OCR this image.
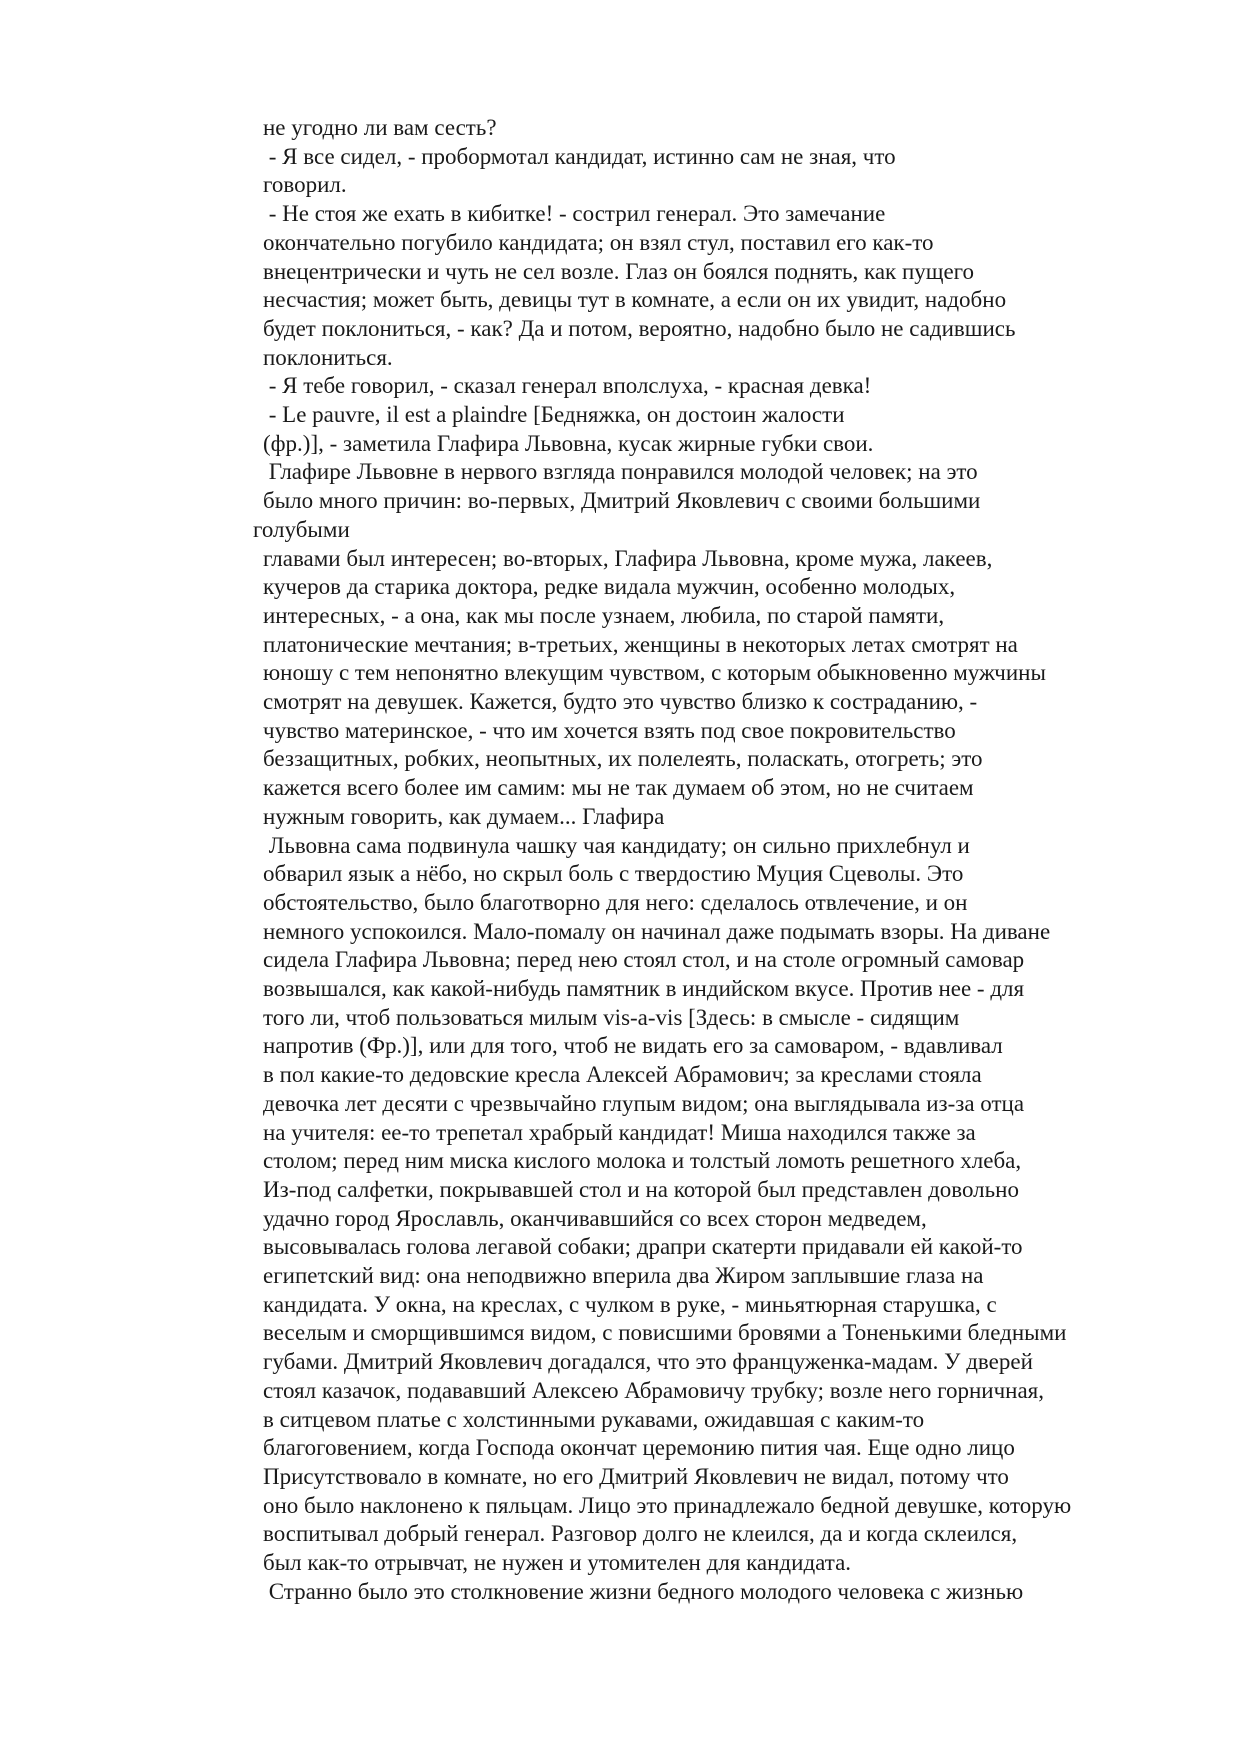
не угодно ли вам сесть?
- Я все сидел, - пробормотал кандидат, истинно сам не зная, что
говорил.
- Не стоя же ехать в кибитке! - сострил генерал. Это замечание
окончательно погубило кандидата; он взял стул, поставил его как-то
внецентрически и чуть не сел возле. Глаз он боялся поднять, как пущего
несчастия; может быть, девицы тут в комнате, а если он их увидит, надобно
будет поклониться, - как? Да и потом, вероятно, надобно было не садившись
поклониться.
- Я тебе говорил, - сказал генерал вполслуха, - красная девка!
- Le pauvre, il est a plaindre [Бедняжка, он достоин жалости
(фр.)], - заметила Глафира Львовна, кусак жирные губки свои.
Глафире Львовне в нервого взгляда понравился молодой человек; на это
было много причин: во-первых, Дмитрий Яковлевич с своими большими
голубыми
главами был интересен; во-вторых, Глафира Львовна, кроме мужа, лакеев,
кучеров да старика доктора, редке видала мужчин, особенно молодых,
интересных, - а она, как мы после узнаем, любила, по старой памяти,
платонические мечтания; в-третьих, женщины в некоторых летах смотрят на
юношу с тем непонятно влекущим чувством, с которым обыкновенно мужчины
смотрят на девушек. Кажется, будто это чувство близко к состраданию, -
чувство материнское, - что им хочется взять под свое покровительство
беззащитных, робких, неопытных, их полелеять, поласкать, отогреть; это
кажется всего более им самим: мы не так думаем об этом, но не считаем
нужным говорить, как думаем... Глафира
Львовна сама подвинула чашку чая кандидату; он сильно прихлебнул и
обварил язык а нёбо, но скрыл боль с твердостию Муция Сцеволы. Это
обстоятельство, было благотворно для него: сделалось отвлечение, и он
немного успокоился. Мало-помалу он начинал даже подымать взоры. На диване
сидела Глафира Львовна; перед нею стоял стол, и на столе огромный самовар
возвышался, как какой-нибудь памятник в индийском вкусе. Против нее - для
того ли, чтоб пользоваться милым vis-a-vis [Здесь: в смысле - сидящим
напротив (Фр.)], или для того, чтоб не видать его за самоваром, - вдавливал
в пол какие-то дедовские кресла Алексей Абрамович; за креслами стояла
девочка лет десяти с чрезвычайно глупым видом; она выглядывала из-за отца
на учителя: ее-то трепетал храбрый кандидат! Миша находился также за
столом; перед ним миска кислого молока и толстый ломоть решетного хлеба,
Из-под салфетки, покрывавшей стол и на которой был представлен довольно
удачно город Ярославль, оканчивавшийся со всех сторон медведем,
высовывалась голова легавой собаки; драпри скатерти придавали ей какой-то
египетский вид: она неподвижно вперила два Жиром заплывшие глаза на
кандидата. У окна, на креслах, с чулком в руке, - миньятюрная старушка, с
веселым и сморщившимся видом, с повисшими бровями а Тоненькими бледными
губами. Дмитрий Яковлевич догадался, что это француженка-мадам. У дверей
стоял казачок, подававший Алексею Абрамовичу трубку; возле него горничная,
в ситцевом платье с холстинными рукавами, ожидавшая с каким-то
благоговением, когда Господа окончат церемонию пития чая. Еще одно лицо
Присутствовало в комнате, но его Дмитрий Яковлевич не видал, потому что
оно было наклонено к пяльцам. Лицо это принадлежало бедной девушке, которую
воспитывал добрый генерал. Разговор долго не клеился, да и когда склеился,
был как-то отрывчат, не нужен и утомителен для кандидата.
Странно было это столкновение жизни бедного молодого человека с жизнью
